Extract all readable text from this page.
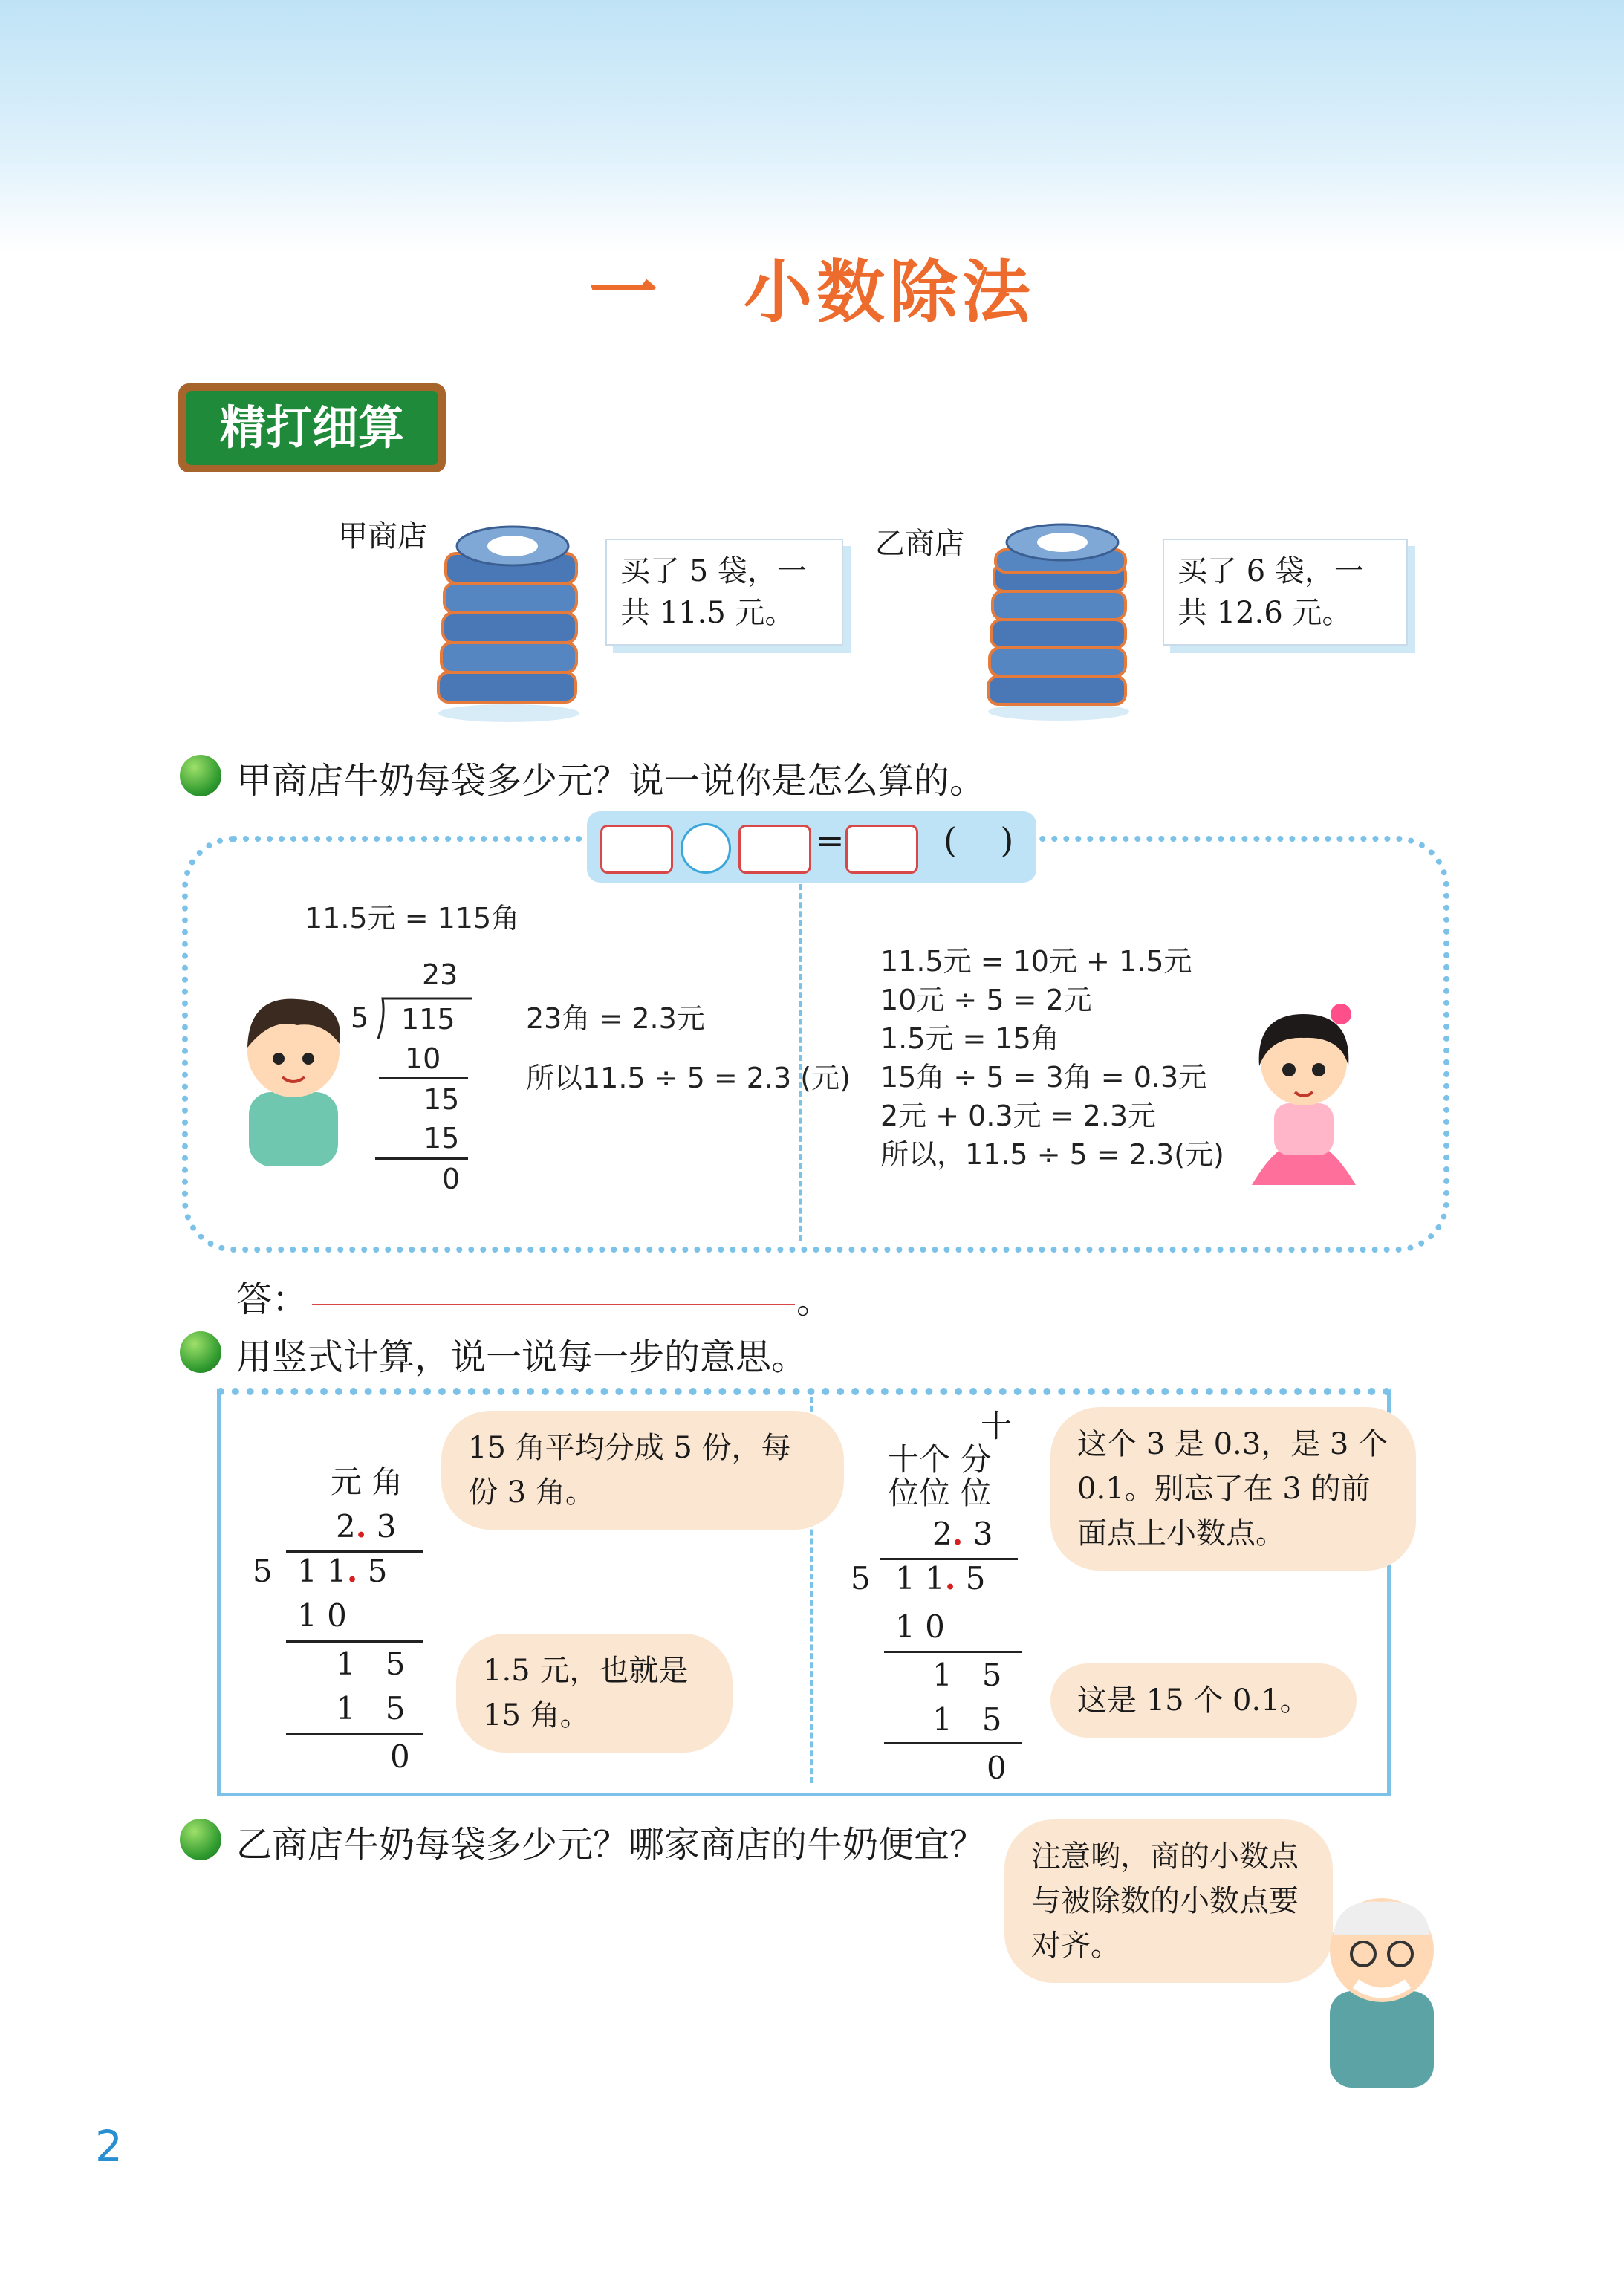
一 小数除法
精打细算
甲商店
买了 5 袋，一
共 11.5 元。
乙商店
买了 6 袋，一
共 12.6 元。
甲商店牛奶每袋多少元？说一说你是怎么算的。
=	(    )
11.5元 = 115角
23
5 115
10
15
15
0
23角 = 2.3元
所以11.5 ÷ 5 = 2.3 (元)
11.5元 = 10元 + 1.5元
10元 ÷ 5 = 2元
1.5元 = 15角
15角 ÷ 5 = 3角 = 0.3元
2元 + 0.3元 = 2.3元
所以，11.5 ÷ 5 = 2.3(元)
答：	。
用竖式计算，说一说每一步的意思。
元 角
2. 3
5 1 1. 5
1 0
1   5
1   5
0
15 角平均分成 5 份，每份 3 角。
1.5 元，也就是 15 角。
十
十个 分
位位 位
2. 3
5 1 1. 5
1 0
1   5
1   5
0
这个 3 是 0.3，是 3 个 0.1。别忘了在 3 的前面点上小数点。
这是 15 个 0.1。
乙商店牛奶每袋多少元？哪家商店的牛奶便宜？	注意哟，商的小数点与被除数的小数点要对齐。
2
